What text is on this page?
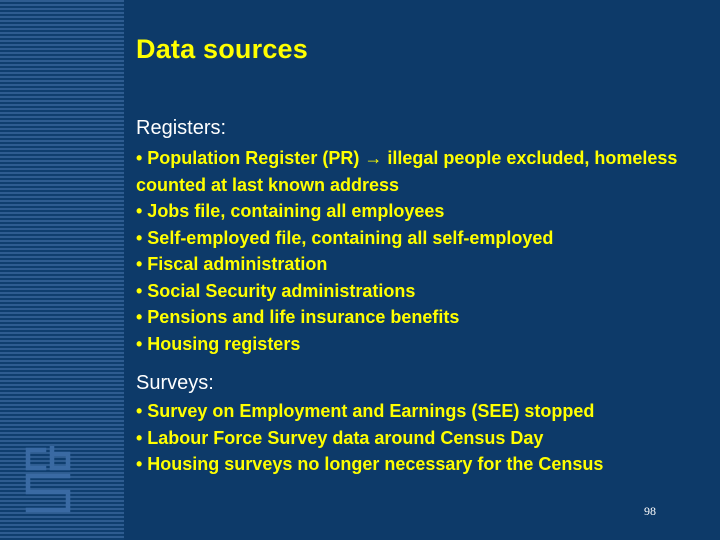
Data sources
Registers:
• Population Register (PR) → illegal people excluded, homeless counted at last known address
• Jobs file, containing all employees
• Self-employed file, containing all self-employed
• Fiscal administration
• Social Security administrations
• Pensions and life insurance benefits
• Housing registers
Surveys:
• Survey on Employment and Earnings (SEE) stopped
• Labour Force Survey data around Census Day
• Housing surveys no longer necessary for the Census
98
